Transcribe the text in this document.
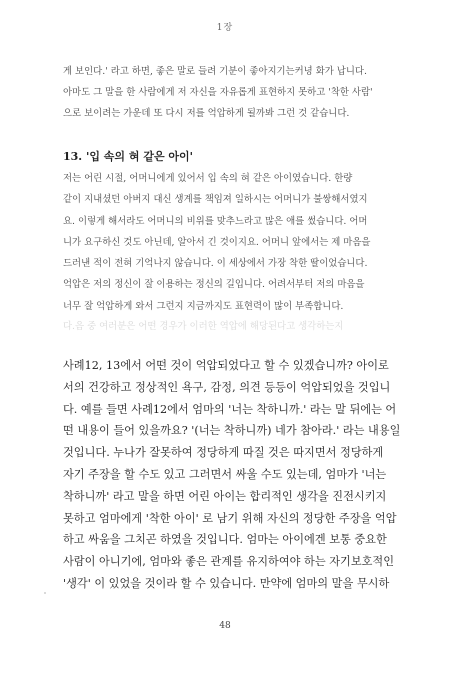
1장
게 보인다.' 라고 하면, 좋은 말로 들려 기분이 좋아지기는커녕 화가 납니다.
아마도 그 말을 한 사람에게 저 자신을 자유롭게 표현하지 못하고 '착한 사람'
으로 보이려는 가운데 또 다시 저를 억압하게 될까봐 그런 것 같습니다.
13. '입 속의 혀 같은 아이'
저는 어린 시절, 어머니에게 있어서 입 속의 혀 같은 아이였습니다. 한량
같이 지내셨던 아버지 대신 생계를 책임져 일하시는 어머니가 불쌍해서였지
요. 이렇게 해서라도 어머니의 비위를 맞추느라고 많은 애를 썼습니다. 어머
니가 요구하신 것도 아닌데, 알아서 긴 것이지요. 어머니 앞에서는 제 마음을
드러낸 적이 전혀 기억나지 않습니다. 이 세상에서 가장 착한 딸이었습니다.
억압은 저의 정신이 잘 이용하는 정신의 길입니다. 어려서부터 저의 마음을
너무 잘 억압하게 와서 그런지 지금까지도 표현력이 많이 부족합니다.
다.음 중 여러분은 어떤 경우가 이러한 역압에 해당된다고 생각하는지
사례12, 13에서 어떤 것이 억압되었다고 할 수 있겠습니까? 아이로
서의 건강하고 정상적인 욕구, 감정, 의견 등등이 억압되었을 것입니
다. 예를 들면 사례12에서 엄마의 '너는 착하니까.' 라는 말 뒤에는 어
떤 내용이 들어 있을까요? '(너는 착하니까) 네가 참아라.' 라는 내용일
것입니다. 누나가 잘못하여 정당하게 따질 것은 따지면서 정당하게
자기 주장을 할 수도 있고 그러면서 싸울 수도 있는데, 엄마가 '너는
착하니까' 라고 말을 하면 어린 아이는 합리적인 생각을 진전시키지
못하고 엄마에게 '착한 아이' 로 남기 위해 자신의 정당한 주장을 억압
하고 싸움을 그치곤 하였을 것입니다. 엄마는 아이에겐 보통 중요한
사람이 아니기에, 엄마와 좋은 관계를 유지하여야 하는 자기보호적인
'생각' 이 있었을 것이라 할 수 있습니다. 만약에 엄마의 말을 무시하
48
